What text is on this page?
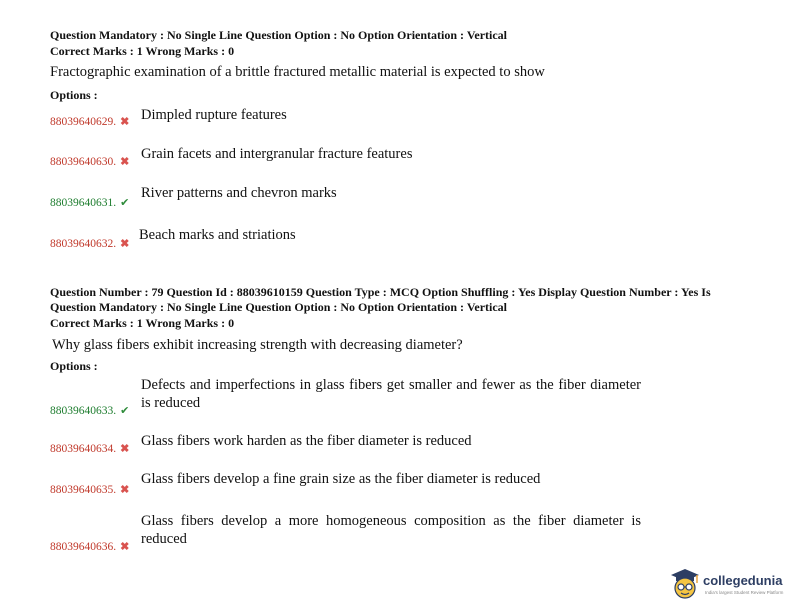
Question Mandatory : No Single Line Question Option : No Option Orientation : Vertical
Correct Marks : 1 Wrong Marks : 0
Fractographic examination of a brittle fractured metallic material is expected to show
Options :
88039640629. ✖ Dimpled rupture features
88039640630. ✖ Grain facets and intergranular fracture features
88039640631. ✔
River patterns and chevron marks
88039640632. ✖
Beach marks and striations
Question Number : 79 Question Id : 88039610159 Question Type : MCQ Option Shuffling : Yes Display Question Number : Yes Is
Question Mandatory : No Single Line Question Option : No Option Orientation : Vertical
Correct Marks : 1 Wrong Marks : 0
Why glass fibers exhibit increasing strength with decreasing diameter?
Options :
88039640633. ✔
Defects and imperfections in glass fibers get smaller and fewer as the fiber diameter is reduced
88039640634. ✖ Glass fibers work harden as the fiber diameter is reduced
88039640635. ✖
Glass fibers develop a fine grain size as the fiber diameter is reduced
88039640636. ✖
Glass fibers develop a more homogeneous composition as the fiber diameter is reduced
collegedunia
India's largest Student Review Platform
